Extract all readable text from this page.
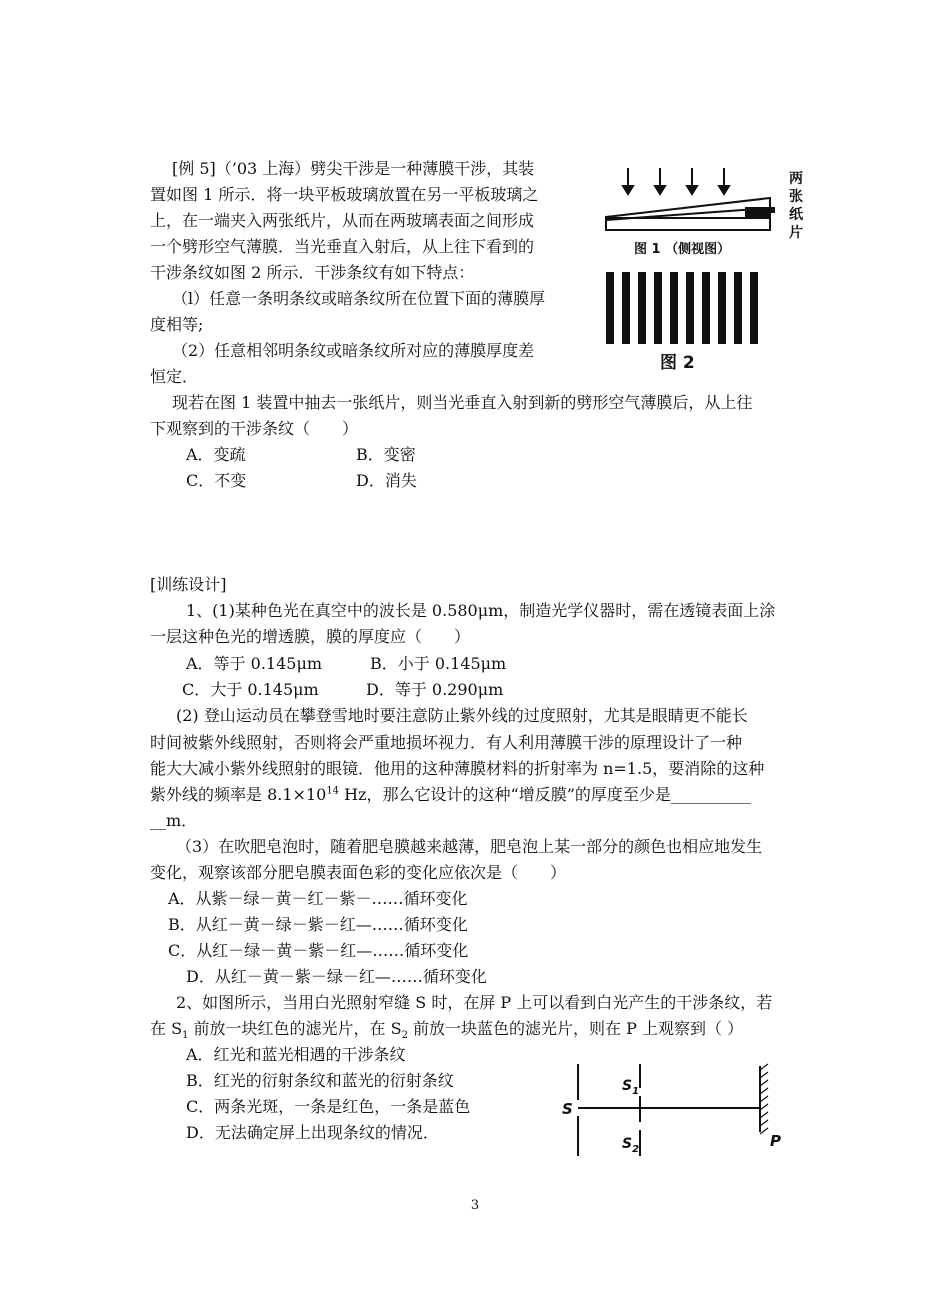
[例 5]（’03 上海）劈尖干涉是一种薄膜干涉，其装
置如图 1 所示．将一块平板玻璃放置在另一平板玻璃之
上，在一端夹入两张纸片，从而在两玻璃表面之间形成
一个劈形空气薄膜．当光垂直入射后，从上往下看到的
干涉条纹如图 2 所示．干涉条纹有如下特点：
（l）任意一条明条纹或暗条纹所在位置下面的薄膜厚
度相等;
（2）任意相邻明条纹或暗条纹所对应的薄膜厚度差
恒定．
现若在图 1 装置中抽去一张纸片，则当光垂直入射到新的劈形空气薄膜后，从上往
下观察到的干涉条纹（　　）
A．变疏	B．变密
C．不变	D．消失
两
张
纸
片
图 1 （侧视图）
图 2
[训练设计]
1、(1)某种色光在真空中的波长是 0.580μm，制造光学仪器时，需在透镜表面上涂
一层这种色光的增透膜，膜的厚度应（　　）
A．等于 0.145μm	B．小于 0.145μm
C．大于 0.145μm	D．等于 0.290μm
(2) 登山运动员在攀登雪地时要注意防止紫外线的过度照射，尤其是眼睛更不能长
时间被紫外线照射，否则将会严重地损坏视力．有人利用薄膜干涉的原理设计了一种
能大大减小紫外线照射的眼镜．他用的这种薄膜材料的折射率为 n=1.5，要消除的这种
紫外线的频率是 $8.1\times 10^{14}$ Hz，那么它设计的这种“增反膜”的厚度至少是__________
__m．
（3）在吹肥皂泡时，随着肥皂膜越来越薄，肥皂泡上某一部分的颜色也相应地发生
变化，观察该部分肥皂膜表面色彩的变化应依次是（　　）
A．从紫－绿－黄－红－紫－……循环变化
B．从红－黄－绿－紫－红—……循环变化
C．从红－绿－黄－紫－红—……循环变化
D．从红－黄－紫－绿－红—……循环变化
2、如图所示，当用白光照射窄缝 S 时，在屏 P 上可以看到白光产生的干涉条纹，若
在 $S_1$ 前放一块红色的滤光片，在 $S_2$ 前放一块蓝色的滤光片，则在 P 上观察到（ ）
A．红光和蓝光相遇的干涉条纹
B．红光的衍射条纹和蓝光的衍射条纹
C．两条光斑，一条是红色，一条是蓝色
D．无法确定屏上出现条纹的情况．
S
$S_1$
$S_2$	P
3
